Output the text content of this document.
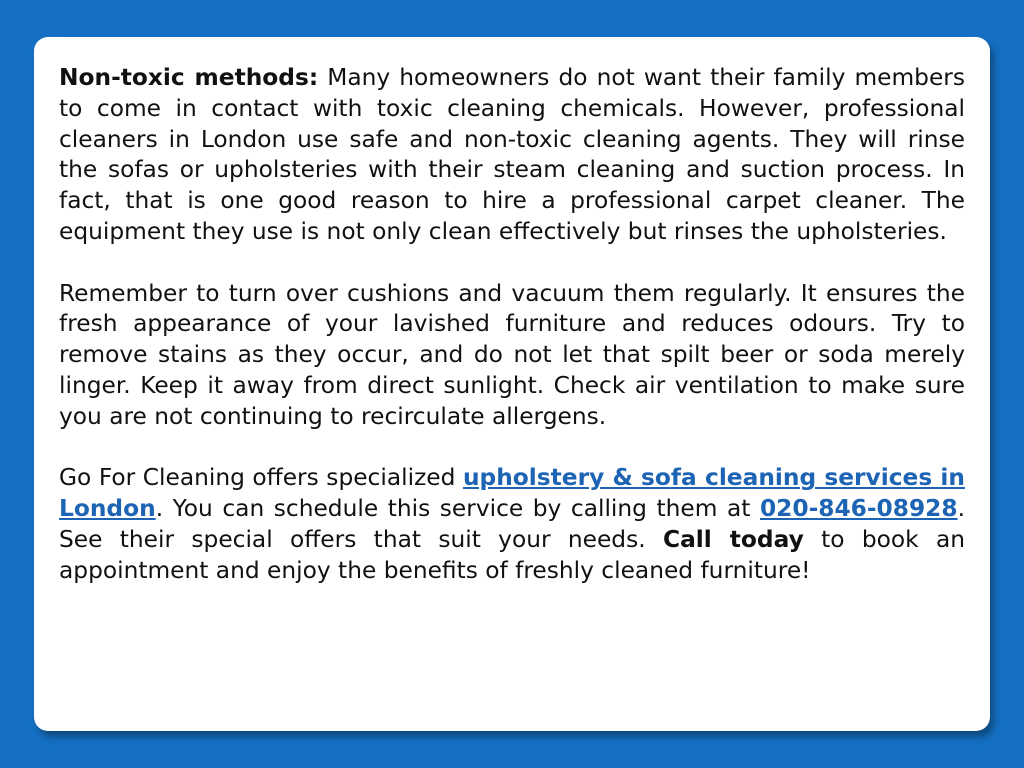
Non-toxic methods: Many homeowners do not want their family members to come in contact with toxic cleaning chemicals. However, professional cleaners in London use safe and non-toxic cleaning agents. They will rinse the sofas or upholsteries with their steam cleaning and suction process. In fact, that is one good reason to hire a professional carpet cleaner. The equipment they use is not only clean effectively but rinses the upholsteries.

Remember to turn over cushions and vacuum them regularly. It ensures the fresh appearance of your lavished furniture and reduces odours. Try to remove stains as they occur, and do not let that spilt beer or soda merely linger. Keep it away from direct sunlight. Check air ventilation to make sure you are not continuing to recirculate allergens.

Go For Cleaning offers specialized upholstery & sofa cleaning services in London. You can schedule this service by calling them at 020-846-08928. See their special offers that suit your needs. Call today to book an appointment and enjoy the benefits of freshly cleaned furniture!
